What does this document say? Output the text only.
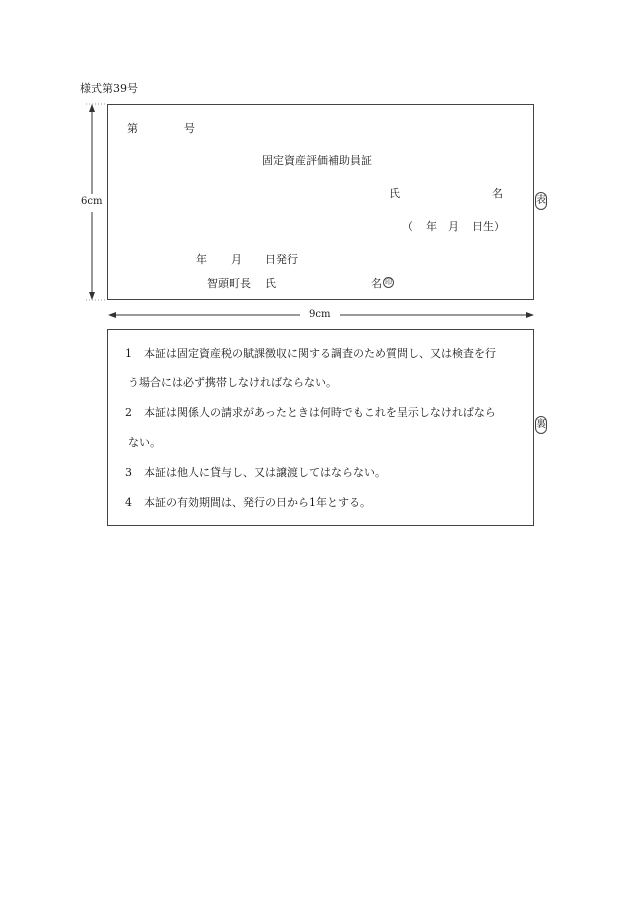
様式第39号
6cm
9cm
第	号
固定資産評価補助員証
氏	名
（ 年 月 日生）
年 月 日発行
智頭町長 氏	名 印
表
裏
1 本証は固定資産税の賦課徴収に関する調査のため質問し、又は検査を行
う場合には必ず携帯しなければならない。
2 本証は関係人の請求があったときは何時でもこれを呈示しなければなら
ない。
3 本証は他人に貸与し、又は譲渡してはならない。
4 本証の有効期間は、発行の日から1年とする。
